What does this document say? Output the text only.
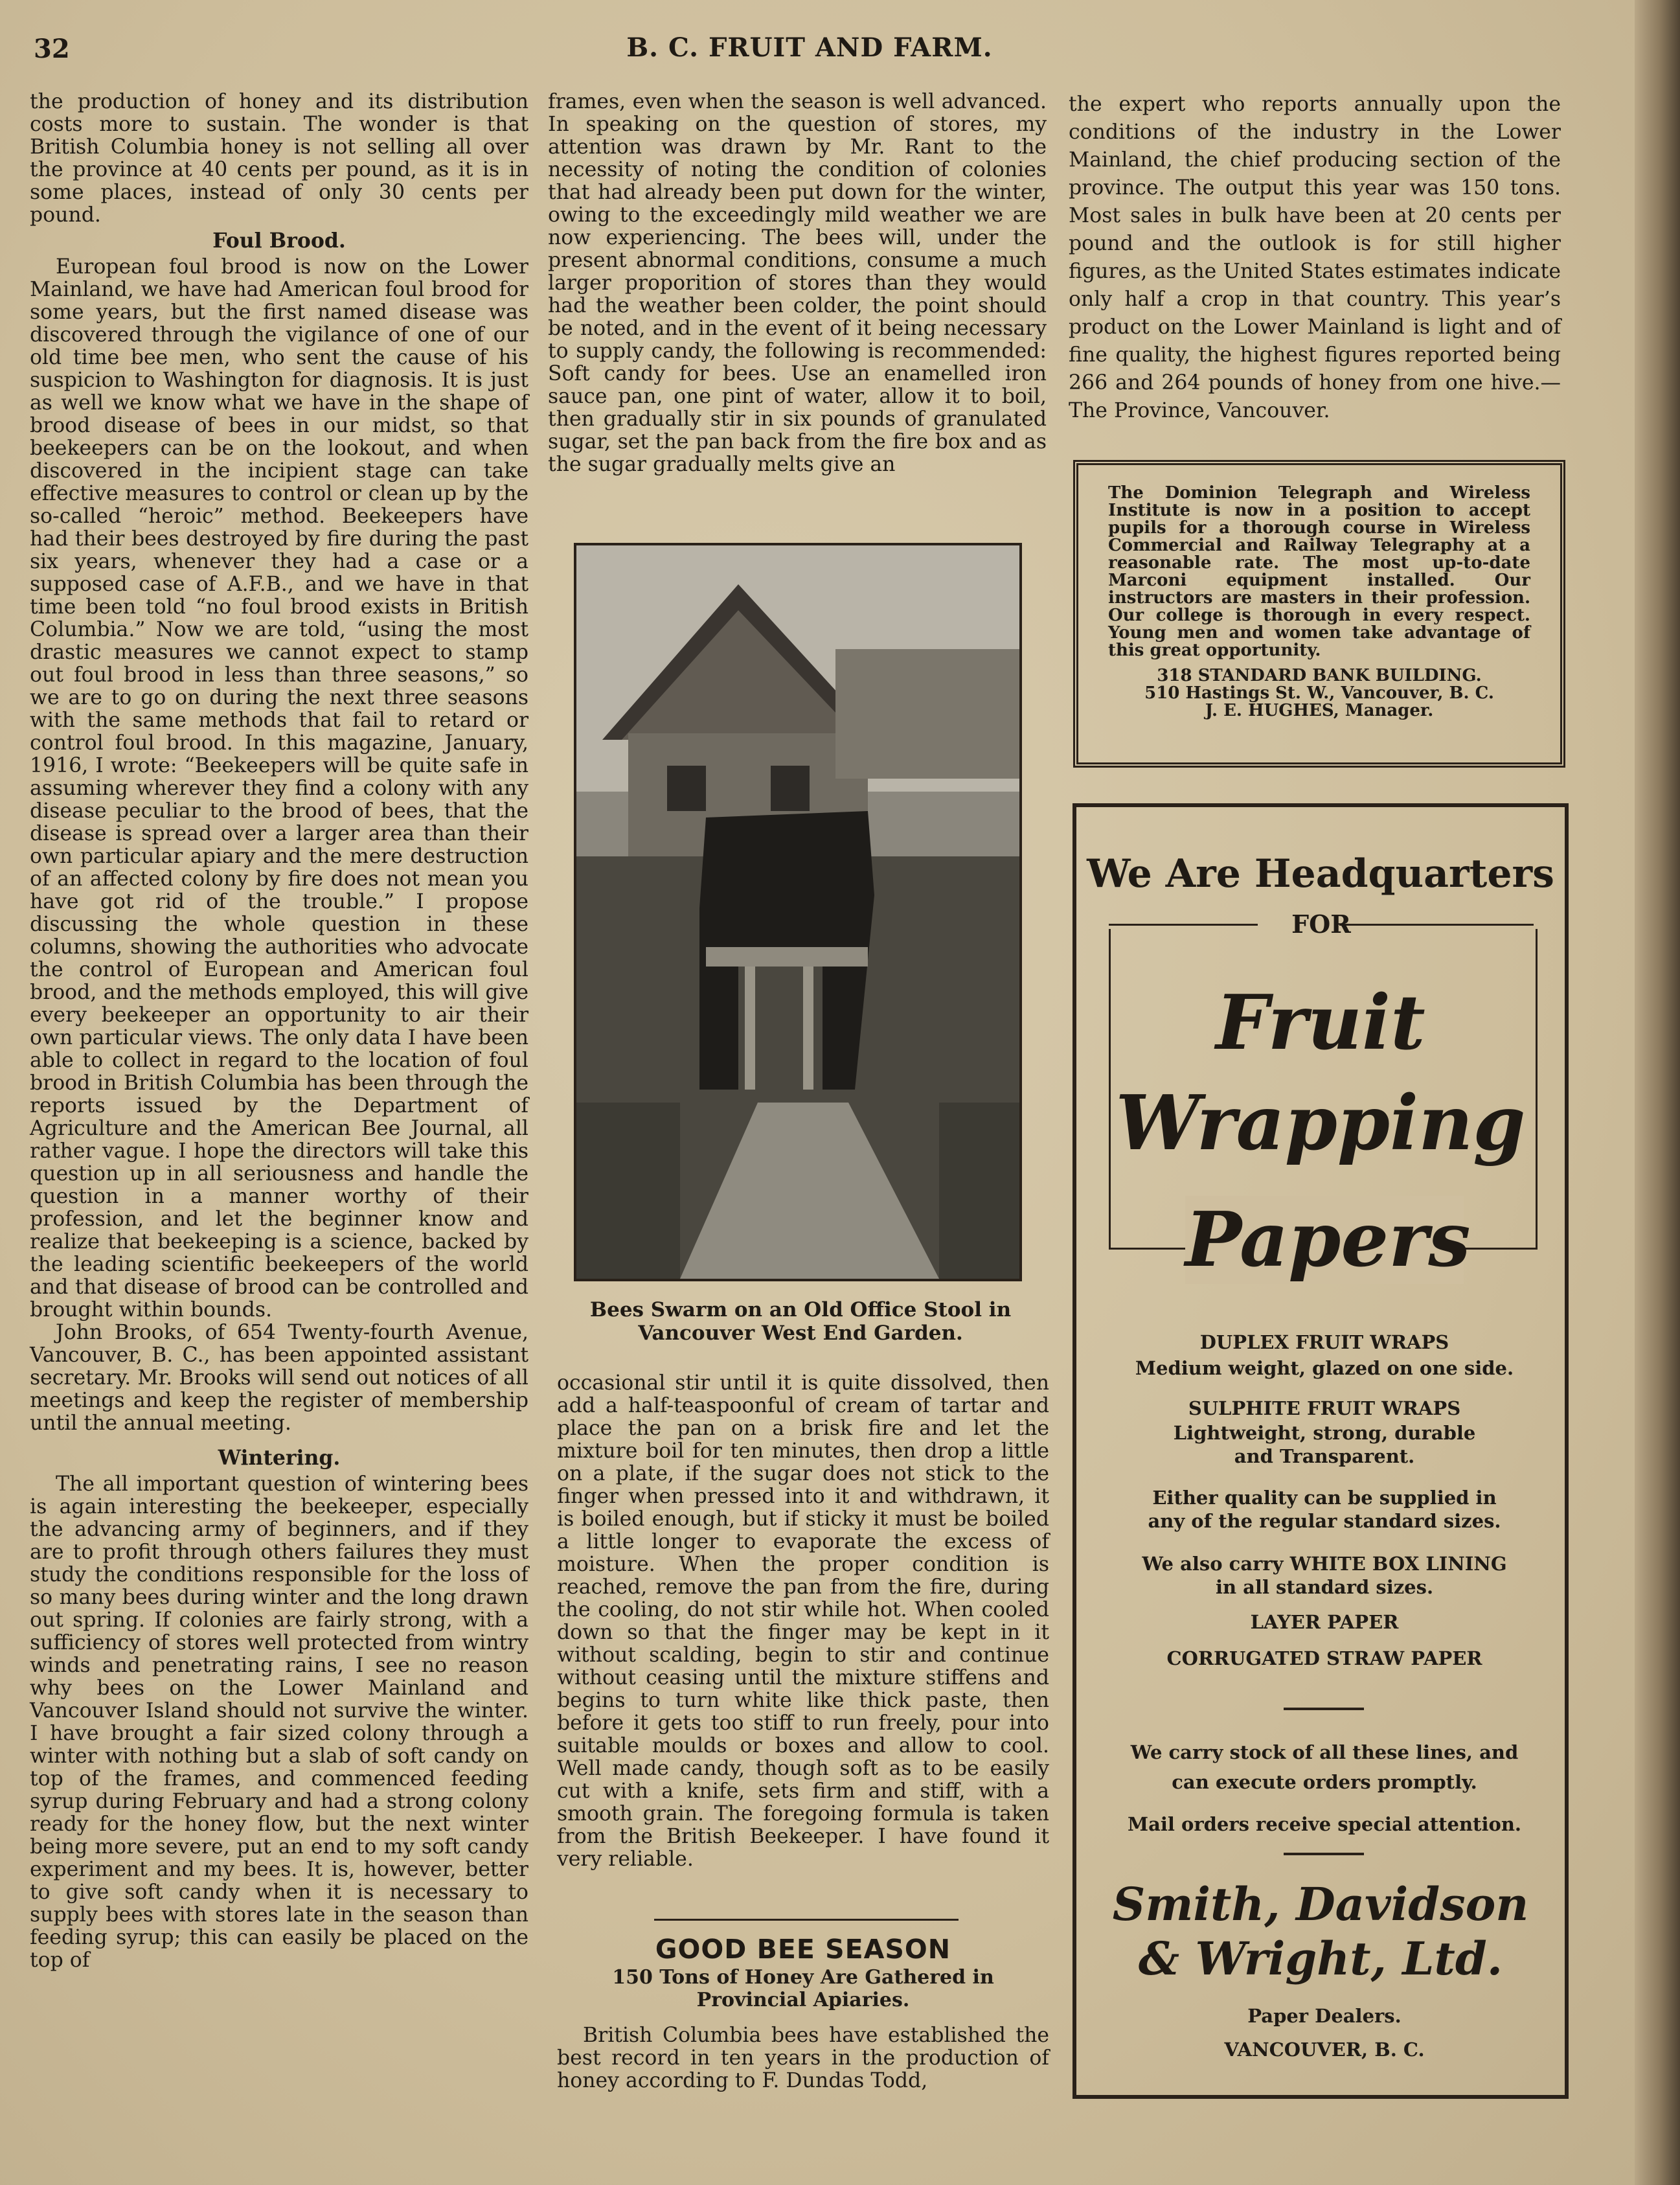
32	B. C. FRUIT AND FARM.

the production of honey and its distribution costs more to sustain. The wonder is that British Columbia honey is not selling all over the province at 40 cents per pound, as it is in some places, instead of only 30 cents per pound.

Foul Brood.

European foul brood is now on the Lower Mainland, we have had American foul brood for some years, but the first named disease was discovered through the vigilance of one of our old time bee men, who sent the cause of his suspicion to Washington for diagnosis. It is just as well we know what we have in the shape of brood disease of bees in our midst, so that beekeepers can be on the lookout, and when discovered in the incipient stage can take effective measures to control or clean up by the so-called “heroic” method. Beekeepers have had their bees destroyed by fire during the past six years, whenever they had a case or a supposed case of A.F.B., and we have in that time been told “no foul brood exists in British Columbia.” Now we are told, “using the most drastic measures we cannot expect to stamp out foul brood in less than three seasons,” so we are to go on during the next three seasons with the same methods that fail to retard or control foul brood. In this magazine, January, 1916, I wrote: “Beekeepers will be quite safe in assuming wherever they find a colony with any disease peculiar to the brood of bees, that the disease is spread over a larger area than their own particular apiary and the mere destruction of an affected colony by fire does not mean you have got rid of the trouble.” I propose discussing the whole question in these columns, showing the authorities who advocate the control of European and American foul brood, and the methods employed, this will give every beekeeper an opportunity to air their own particular views. The only data I have been able to collect in regard to the location of foul brood in British Columbia has been through the reports issued by the Department of Agriculture and the American Bee Journal, all rather vague. I hope the directors will take this question up in all seriousness and handle the question in a manner worthy of their profession, and let the beginner know and realize that beekeeping is a science, backed by the leading scientific beekeepers of the world and that disease of brood can be controlled and brought within bounds.

John Brooks, of 654 Twenty-fourth Avenue, Vancouver, B. C., has been appointed assistant secretary. Mr. Brooks will send out notices of all meetings and keep the register of membership until the annual meeting.

Wintering.

The all important question of wintering bees is again interesting the beekeeper, especially the advancing army of beginners, and if they are to profit through others failures they must study the conditions responsible for the loss of so many bees during winter and the long drawn out spring. If colonies are fairly strong, with a sufficiency of stores well protected from wintry winds and penetrating rains, I see no reason why bees on the Lower Mainland and Vancouver Island should not survive the winter. I have brought a fair sized colony through a winter with nothing but a slab of soft candy on top of the frames, and commenced feeding syrup during February and had a strong colony ready for the honey flow, but the next winter being more severe, put an end to my soft candy experiment and my bees. It is, however, better to give soft candy when it is necessary to supply bees with stores late in the season than feeding syrup; this can easily be placed on the top of

frames, even when the season is well advanced. In speaking on the question of stores, my attention was drawn by Mr. Rant to the necessity of noting the condition of colonies that had already been put down for the winter, owing to the exceedingly mild weather we are now experiencing. The bees will, under the present abnormal conditions, consume a much larger proporition of stores than they would had the weather been colder, the point should be noted, and in the event of it being necessary to supply candy, the following is recommended: Soft candy for bees. Use an enamelled iron sauce pan, one pint of water, allow it to boil, then gradually stir in six pounds of granulated sugar, set the pan back from the fire box and as the sugar gradually melts give an

Bees Swarm on an Old Office Stool in Vancouver West End Garden.

occasional stir until it is quite dissolved, then add a half-teaspoonful of cream of tartar and place the pan on a brisk fire and let the mixture boil for ten minutes, then drop a little on a plate, if the sugar does not stick to the finger when pressed into it and withdrawn, it is boiled enough, but if sticky it must be boiled a little longer to evaporate the excess of moisture. When the proper condition is reached, remove the pan from the fire, during the cooling, do not stir while hot. When cooled down so that the finger may be kept in it without scalding, begin to stir and continue without ceasing until the mixture stiffens and begins to turn white like thick paste, then before it gets too stiff to run freely, pour into suitable moulds or boxes and allow to cool. Well made candy, though soft as to be easily cut with a knife, sets firm and stiff, with a smooth grain. The foregoing formula is taken from the British Beekeeper. I have found it very reliable.

GOOD BEE SEASON
150 Tons of Honey Are Gathered in Provincial Apiaries.

British Columbia bees have established the best record in ten years in the production of honey according to F. Dundas Todd,

the expert who reports annually upon the conditions of the industry in the Lower Mainland, the chief producing section of the province. The output this year was 150 tons. Most sales in bulk have been at 20 cents per pound and the outlook is for still higher figures, as the United States estimates indicate only half a crop in that country. This year’s product on the Lower Mainland is light and of fine quality, the highest figures reported being 266 and 264 pounds of honey from one hive.—The Province, Vancouver.

The Dominion Telegraph and Wireless Institute is now in a position to accept pupils for a thorough course in Wireless Commercial and Railway Telegraphy at a reasonable rate. The most up-to-date Marconi equipment installed. Our instructors are masters in their profession. Our college is thorough in every respect. Young men and women take advantage of this great opportunity.
318 STANDARD BANK BUILDING.
510 Hastings St. W., Vancouver, B. C.
J. E. HUGHES, Manager.
We Are Headquarters
FOR
Fruit
Wrapping
Papers
DUPLEX FRUIT WRAPS
Medium weight, glazed on one side.
SULPHITE FRUIT WRAPS
Lightweight, strong, durable and Transparent.
Either quality can be supplied in any of the regular standard sizes.
We also carry WHITE BOX LINING in all standard sizes.
LAYER PAPER
CORRUGATED STRAW PAPER
We carry stock of all these lines, and can execute orders promptly.
Mail orders receive special attention.
Smith, Davidson
& Wright, Ltd.
Paper Dealers.
VANCOUVER, B. C.
